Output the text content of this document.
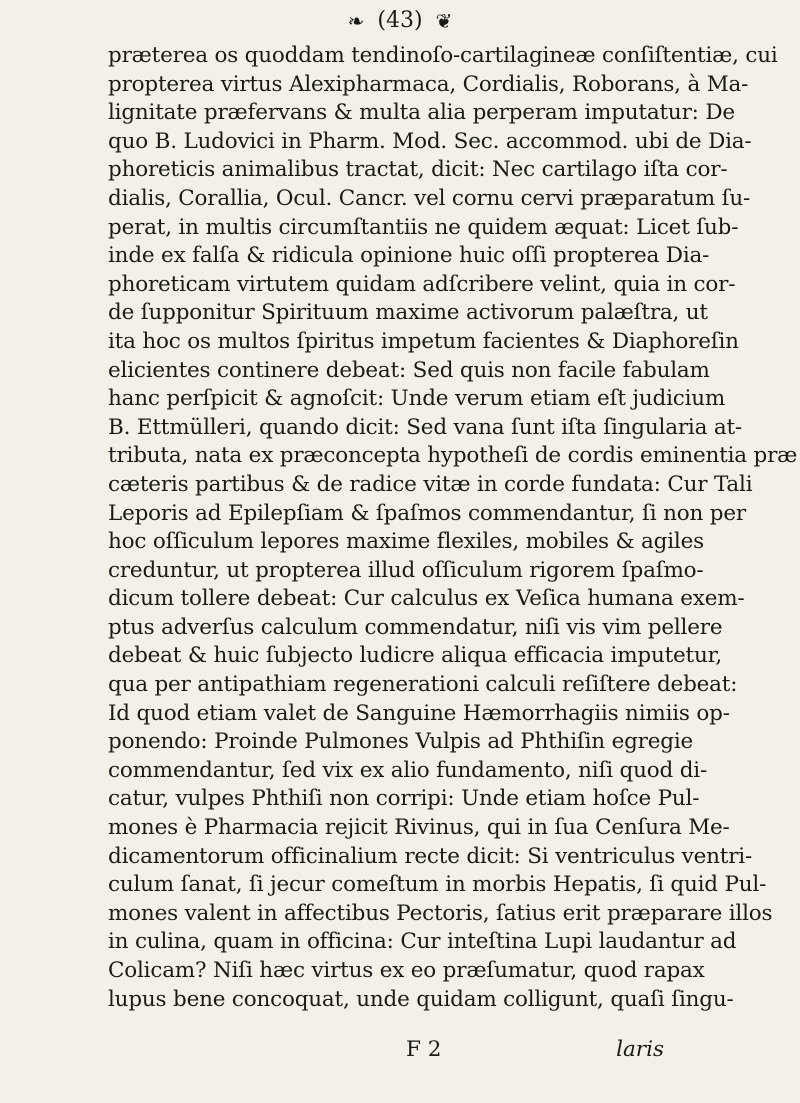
❧ (43) ❦
præterea os quoddam tendinoſo-cartilagineæ conſiſtentiæ, cui
propterea virtus Alexipharmaca, Cordialis, Roborans, à Ma-
lignitate præfervans & multa alia perperam imputatur: De
quo B. Ludovici in Pharm. Mod. Sec. accommod. ubi de Dia-
phoreticis animalibus tractat, dicit: Nec cartilago iſta cor-
dialis, Corallia, Ocul. Cancr. vel cornu cervi præparatum ſu-
perat, in multis circumſtantiis ne quidem æquat: Licet ſub-
inde ex falſa & ridicula opinione huic oſſi propterea Dia-
phoreticam virtutem quidam adſcribere velint, quia in cor-
de ſupponitur Spirituum maxime activorum palæſtra, ut
ita hoc os multos ſpiritus impetum facientes & Diaphoreſin
elicientes continere debeat: Sed quis non facile fabulam
hanc perſpicit & agnoſcit: Unde verum etiam eſt judicium
B. Ettmülleri, quando dicit: Sed vana ſunt iſta ſingularia at-
tributa, nata ex præconcepta hypotheſi de cordis eminentia præ
cæteris partibus & de radice vitæ in corde fundata: Cur Tali
Leporis ad Epilepſiam & ſpaſmos commendantur, ſi non per
hoc oſſiculum lepores maxime flexiles, mobiles & agiles
creduntur, ut propterea illud oſſiculum rigorem ſpaſmo-
dicum tollere debeat: Cur calculus ex Veſica humana exem-
ptus adverſus calculum commendatur, niſi vis vim pellere
debeat & huic ſubjecto ludicre aliqua efficacia imputetur,
qua per antipathiam regenerationi calculi reſiſtere debeat:
Id quod etiam valet de Sanguine Hæmorrhagiis nimiis op-
ponendo: Proinde Pulmones Vulpis ad Phthiſin egregie
commendantur, ſed vix ex alio fundamento, niſi quod di-
catur, vulpes Phthiſi non corripi: Unde etiam hoſce Pul-
mones è Pharmacia rejicit Rivinus, qui in ſua Cenſura Me-
dicamentorum officinalium recte dicit: Si ventriculus ventri-
culum ſanat, ſi jecur comeſtum in morbis Hepatis, ſi quid Pul-
mones valent in affectibus Pectoris, ſatius erit præparare illos
in culina, quam in officina: Cur inteſtina Lupi laudantur ad
Colicam? Niſi hæc virtus ex eo præſumatur, quod rapax
lupus bene concoquat, unde quidam colligunt, quaſi ſingu-
F 2	laris
